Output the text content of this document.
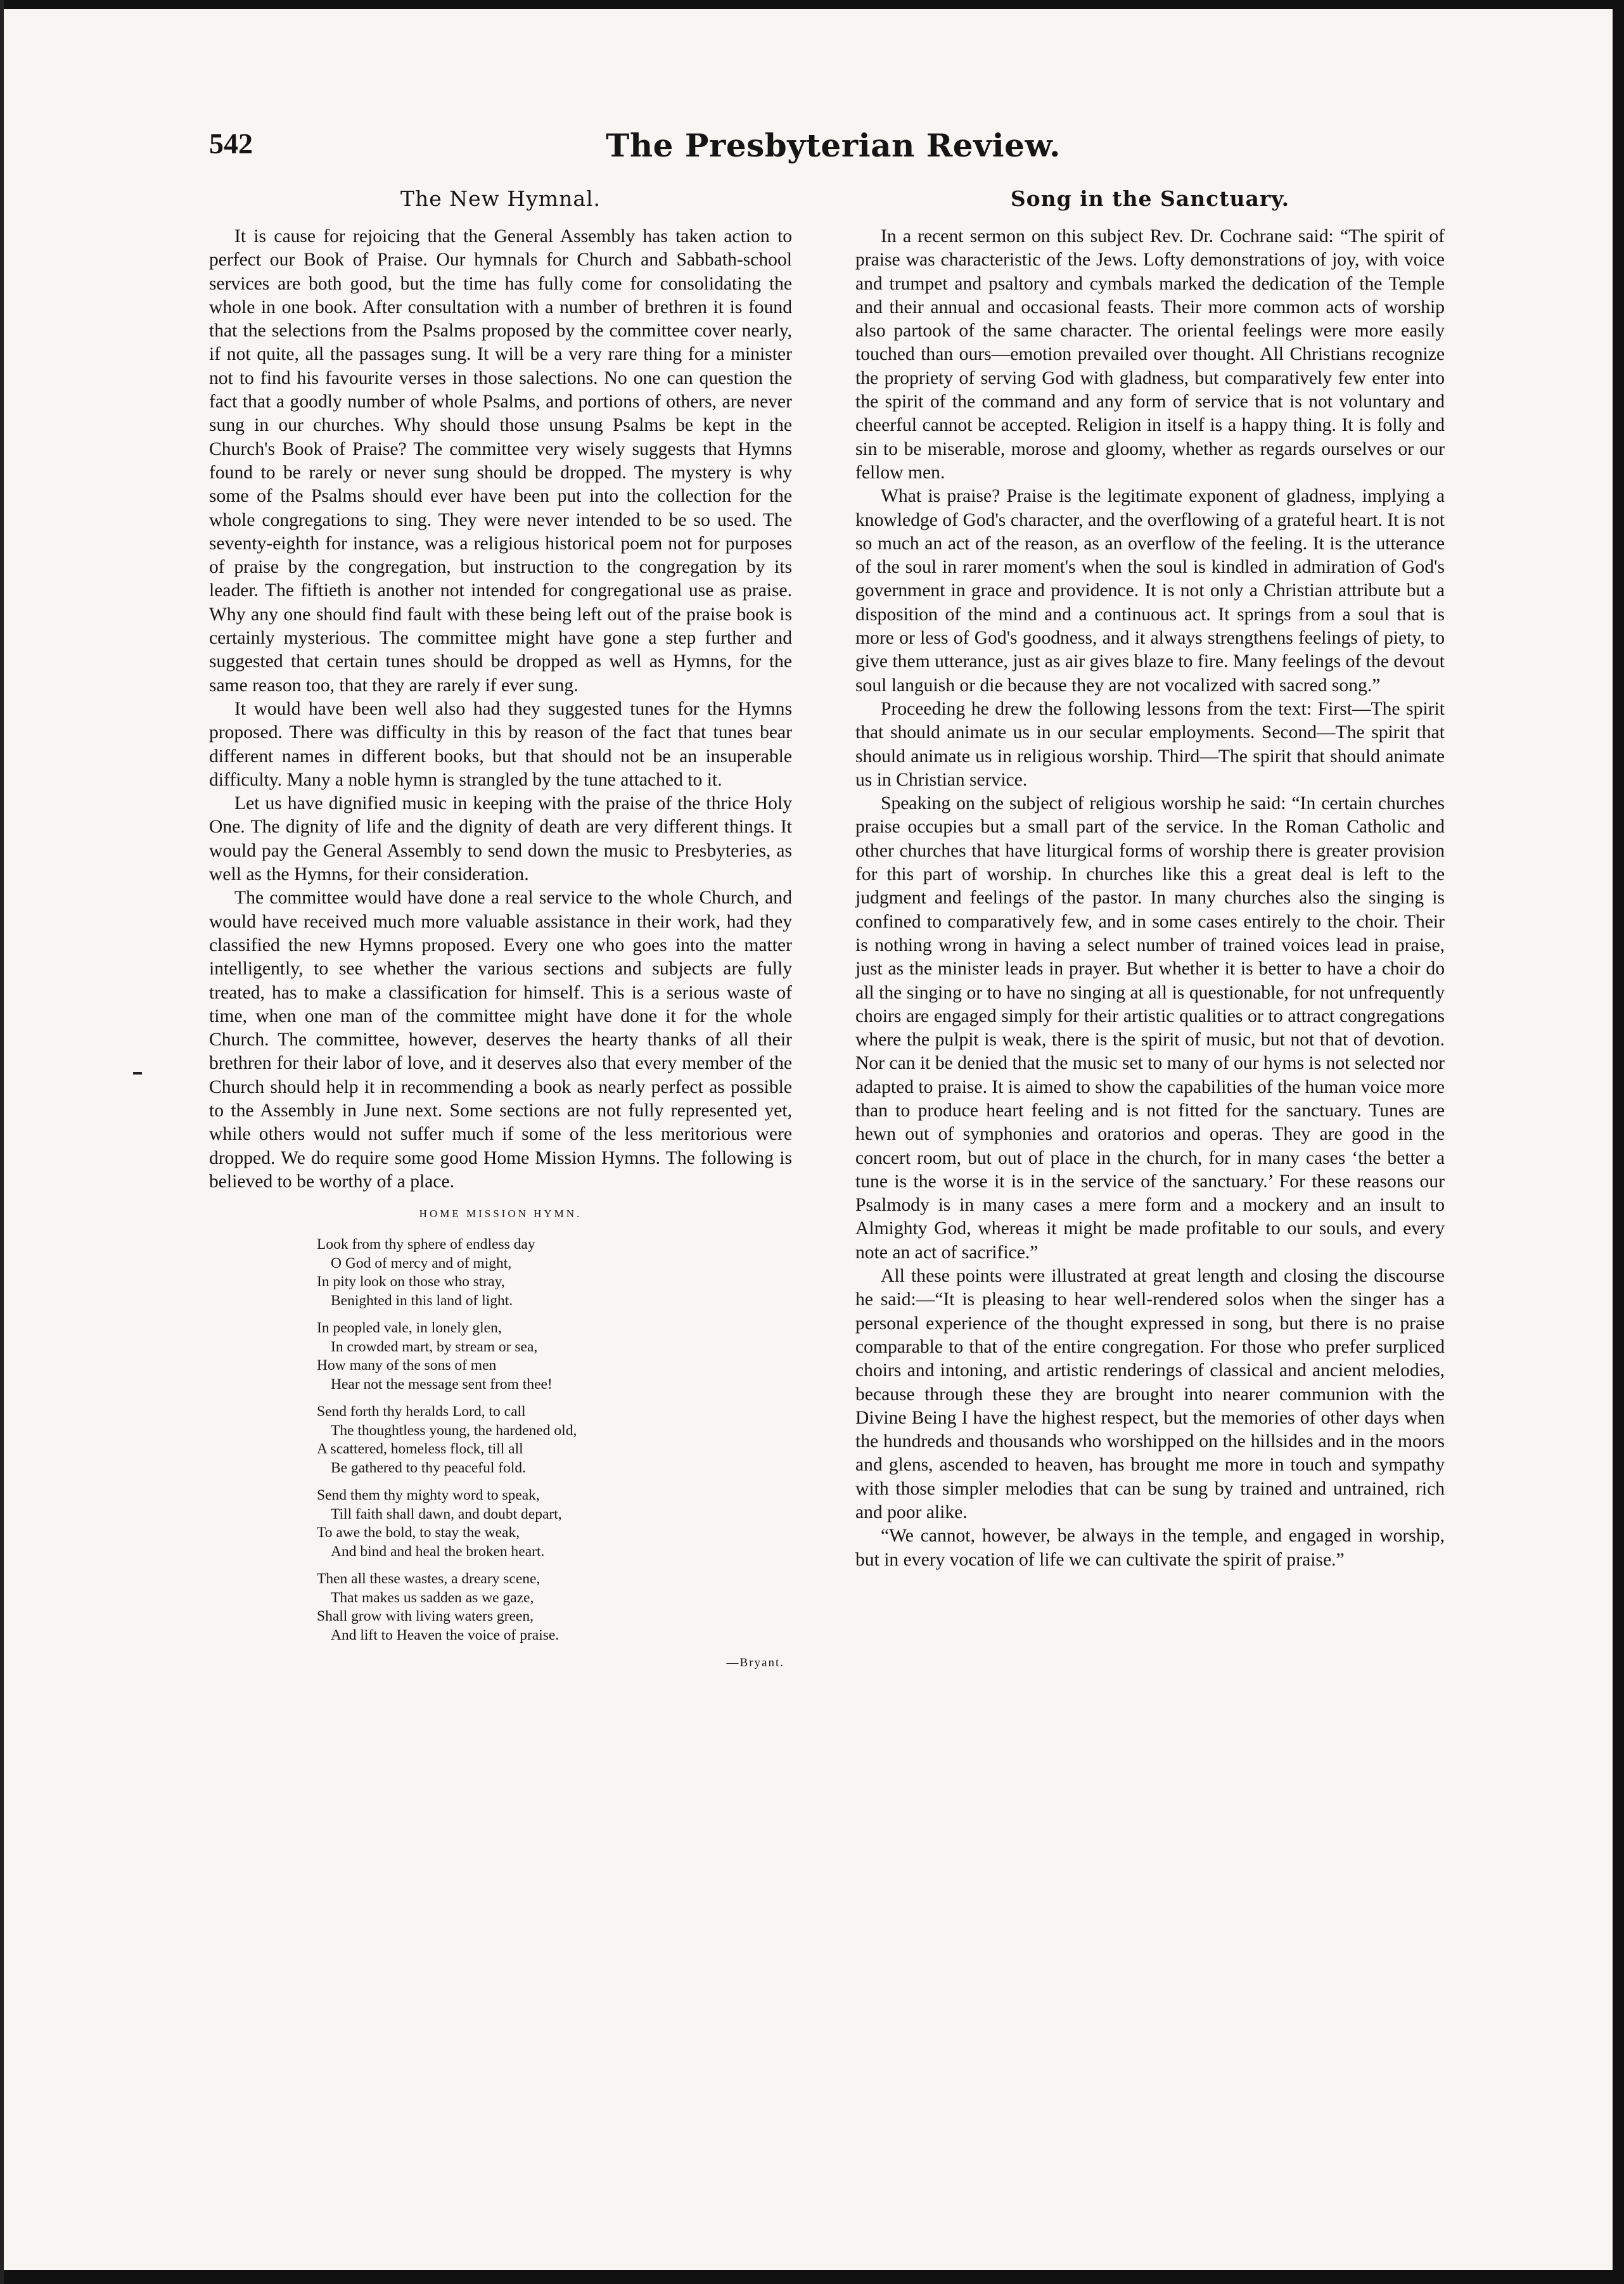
542	The Presbyterian Review.
The New Hymnal.

It is cause for rejoicing that the General Assembly has taken action to perfect our Book of Praise. Our hymnals for Church and Sabbath-school services are both good, but the time has fully come for consolidating the whole in one book. After consultation with a number of brethren it is found that the selections from the Psalms proposed by the committee cover nearly, if not quite, all the passages sung. It will be a very rare thing for a minister not to find his favourite verses in those salections. No one can question the fact that a goodly number of whole Psalms, and portions of others, are never sung in our churches. Why should those unsung Psalms be kept in the Church's Book of Praise? The committee very wisely suggests that Hymns found to be rarely or never sung should be dropped. The mystery is why some of the Psalms should ever have been put into the collection for the whole congregations to sing. They were never intended to be so used. The seventy-eighth for instance, was a religious historical poem not for purposes of praise by the congregation, but instruction to the congregation by its leader. The fiftieth is another not intended for congregational use as praise. Why any one should find fault with these being left out of the praise book is certainly mysterious. The committee might have gone a step further and suggested that certain tunes should be dropped as well as Hymns, for the same reason too, that they are rarely if ever sung.

It would have been well also had they suggested tunes for the Hymns proposed. There was difficulty in this by reason of the fact that tunes bear different names in different books, but that should not be an insuperable difficulty. Many a noble hymn is strangled by the tune attached to it.

Let us have dignified music in keeping with the praise of the thrice Holy One. The dignity of life and the dignity of death are very different things. It would pay the General Assembly to send down the music to Presbyteries, as well as the Hymns, for their consideration.

The committee would have done a real service to the whole Church, and would have received much more valuable assistance in their work, had they classified the new Hymns proposed. Every one who goes into the matter intelligently, to see whether the various sections and subjects are fully treated, has to make a classification for himself. This is a serious waste of time, when one man of the committee might have done it for the whole Church. The committee, however, deserves the hearty thanks of all their brethren for their labor of love, and it deserves also that every member of the Church should help it in recommending a book as nearly perfect as possible to the Assembly in June next. Some sections are not fully represented yet, while others would not suffer much if some of the less meritorious were dropped. We do require some good Home Mission Hymns. The following is believed to be worthy of a place.

HOME MISSION HYMN.
Look from thy sphere of endless day
O God of mercy and of might,
In pity look on those who stray,
Benighted in this land of light.
In peopled vale, in lonely glen,
In crowded mart, by stream or sea,
How many of the sons of men
Hear not the message sent from thee!
Send forth thy heralds Lord, to call
The thoughtless young, the hardened old,
A scattered, homeless flock, till all
Be gathered to thy peaceful fold.
Send them thy mighty word to speak,
Till faith shall dawn, and doubt depart,
To awe the bold, to stay the weak,
And bind and heal the broken heart.
Then all these wastes, a dreary scene,
That makes us sadden as we gaze,
Shall grow with living waters green,
And lift to Heaven the voice of praise.
—Bryant.
Song in the Sanctuary.

In a recent sermon on this subject Rev. Dr. Cochrane said: “The spirit of praise was characteristic of the Jews. Lofty demonstrations of joy, with voice and trumpet and psaltory and cymbals marked the dedication of the Temple and their annual and occasional feasts. Their more common acts of worship also partook of the same character. The oriental feelings were more easily touched than ours—emotion prevailed over thought. All Christians recognize the propriety of serving God with gladness, but comparatively few enter into the spirit of the command and any form of service that is not voluntary and cheerful cannot be accepted. Religion in itself is a happy thing. It is folly and sin to be miserable, morose and gloomy, whether as regards ourselves or our fellow men.

What is praise? Praise is the legitimate exponent of gladness, implying a knowledge of God's character, and the overflowing of a grateful heart. It is not so much an act of the reason, as an overflow of the feeling. It is the utterance of the soul in rarer moment's when the soul is kindled in admiration of God's government in grace and providence. It is not only a Christian attribute but a disposition of the mind and a continuous act. It springs from a soul that is more or less of God's goodness, and it always strengthens feelings of piety, to give them utterance, just as air gives blaze to fire. Many feelings of the devout soul languish or die because they are not vocalized with sacred song.”

Proceeding he drew the following lessons from the text: First—The spirit that should animate us in our secular employments. Second—The spirit that should animate us in religious worship. Third—The spirit that should animate us in Christian service.

Speaking on the subject of religious worship he said: “In certain churches praise occupies but a small part of the service. In the Roman Catholic and other churches that have liturgical forms of worship there is greater provision for this part of worship. In churches like this a great deal is left to the judgment and feelings of the pastor. In many churches also the singing is confined to comparatively few, and in some cases entirely to the choir. Their is nothing wrong in having a select number of trained voices lead in praise, just as the minister leads in prayer. But whether it is better to have a choir do all the singing or to have no singing at all is questionable, for not unfrequently choirs are engaged simply for their artistic qualities or to attract congregations where the pulpit is weak, there is the spirit of music, but not that of devotion. Nor can it be denied that the music set to many of our hyms is not selected nor adapted to praise. It is aimed to show the capabilities of the human voice more than to produce heart feeling and is not fitted for the sanctuary. Tunes are hewn out of symphonies and oratorios and operas. They are good in the concert room, but out of place in the church, for in many cases ‘the better a tune is the worse it is in the service of the sanctuary.’ For these reasons our Psalmody is in many cases a mere form and a mockery and an insult to Almighty God, whereas it might be made profitable to our souls, and every note an act of sacrifice.”

All these points were illustrated at great length and closing the discourse he said:—“It is pleasing to hear well-rendered solos when the singer has a personal experience of the thought expressed in song, but there is no praise comparable to that of the entire congregation. For those who prefer surpliced choirs and intoning, and artistic renderings of classical and ancient melodies, because through these they are brought into nearer communion with the Divine Being I have the highest respect, but the memories of other days when the hundreds and thousands who worshipped on the hillsides and in the moors and glens, ascended to heaven, has brought me more in touch and sympathy with those simpler melodies that can be sung by trained and untrained, rich and poor alike.

“We cannot, however, be always in the temple, and engaged in worship, but in every vocation of life we can cultivate the spirit of praise.”
